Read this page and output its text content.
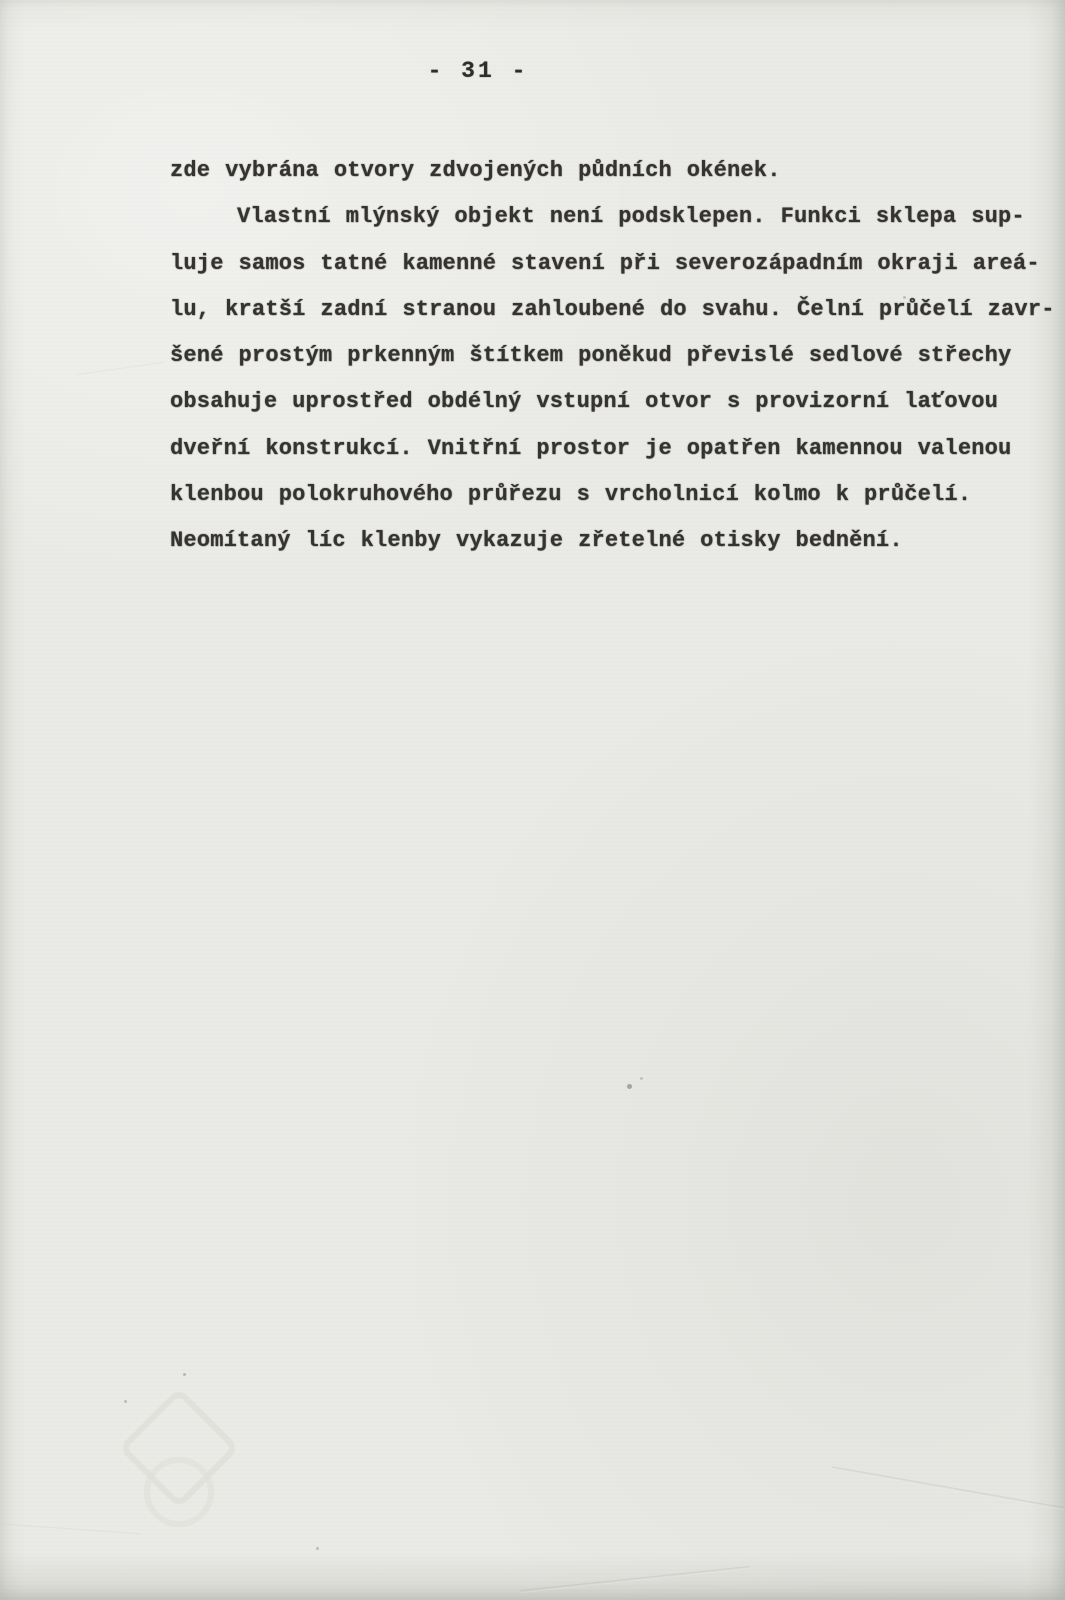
- 31 -
zde vybrána otvory zdvojených půdních okének.
Vlastní mlýnský objekt není podsklepen. Funkci sklepa sup-
luje samos tatné kamenné stavení při severozápadním okraji areá-
lu, kratší zadní stranou zahloubené do svahu. Čelní průčelí zavr-
šené prostým prkenným štítkem poněkud převislé sedlové střechy
obsahuje uprostřed obdélný vstupní otvor s provizorní laťovou
dveřní konstrukcí. Vnitřní prostor je opatřen kamennou valenou
klenbou polokruhového průřezu s vrcholnicí kolmo k průčelí.
Neomítaný líc klenby vykazuje zřetelné otisky bednění.
